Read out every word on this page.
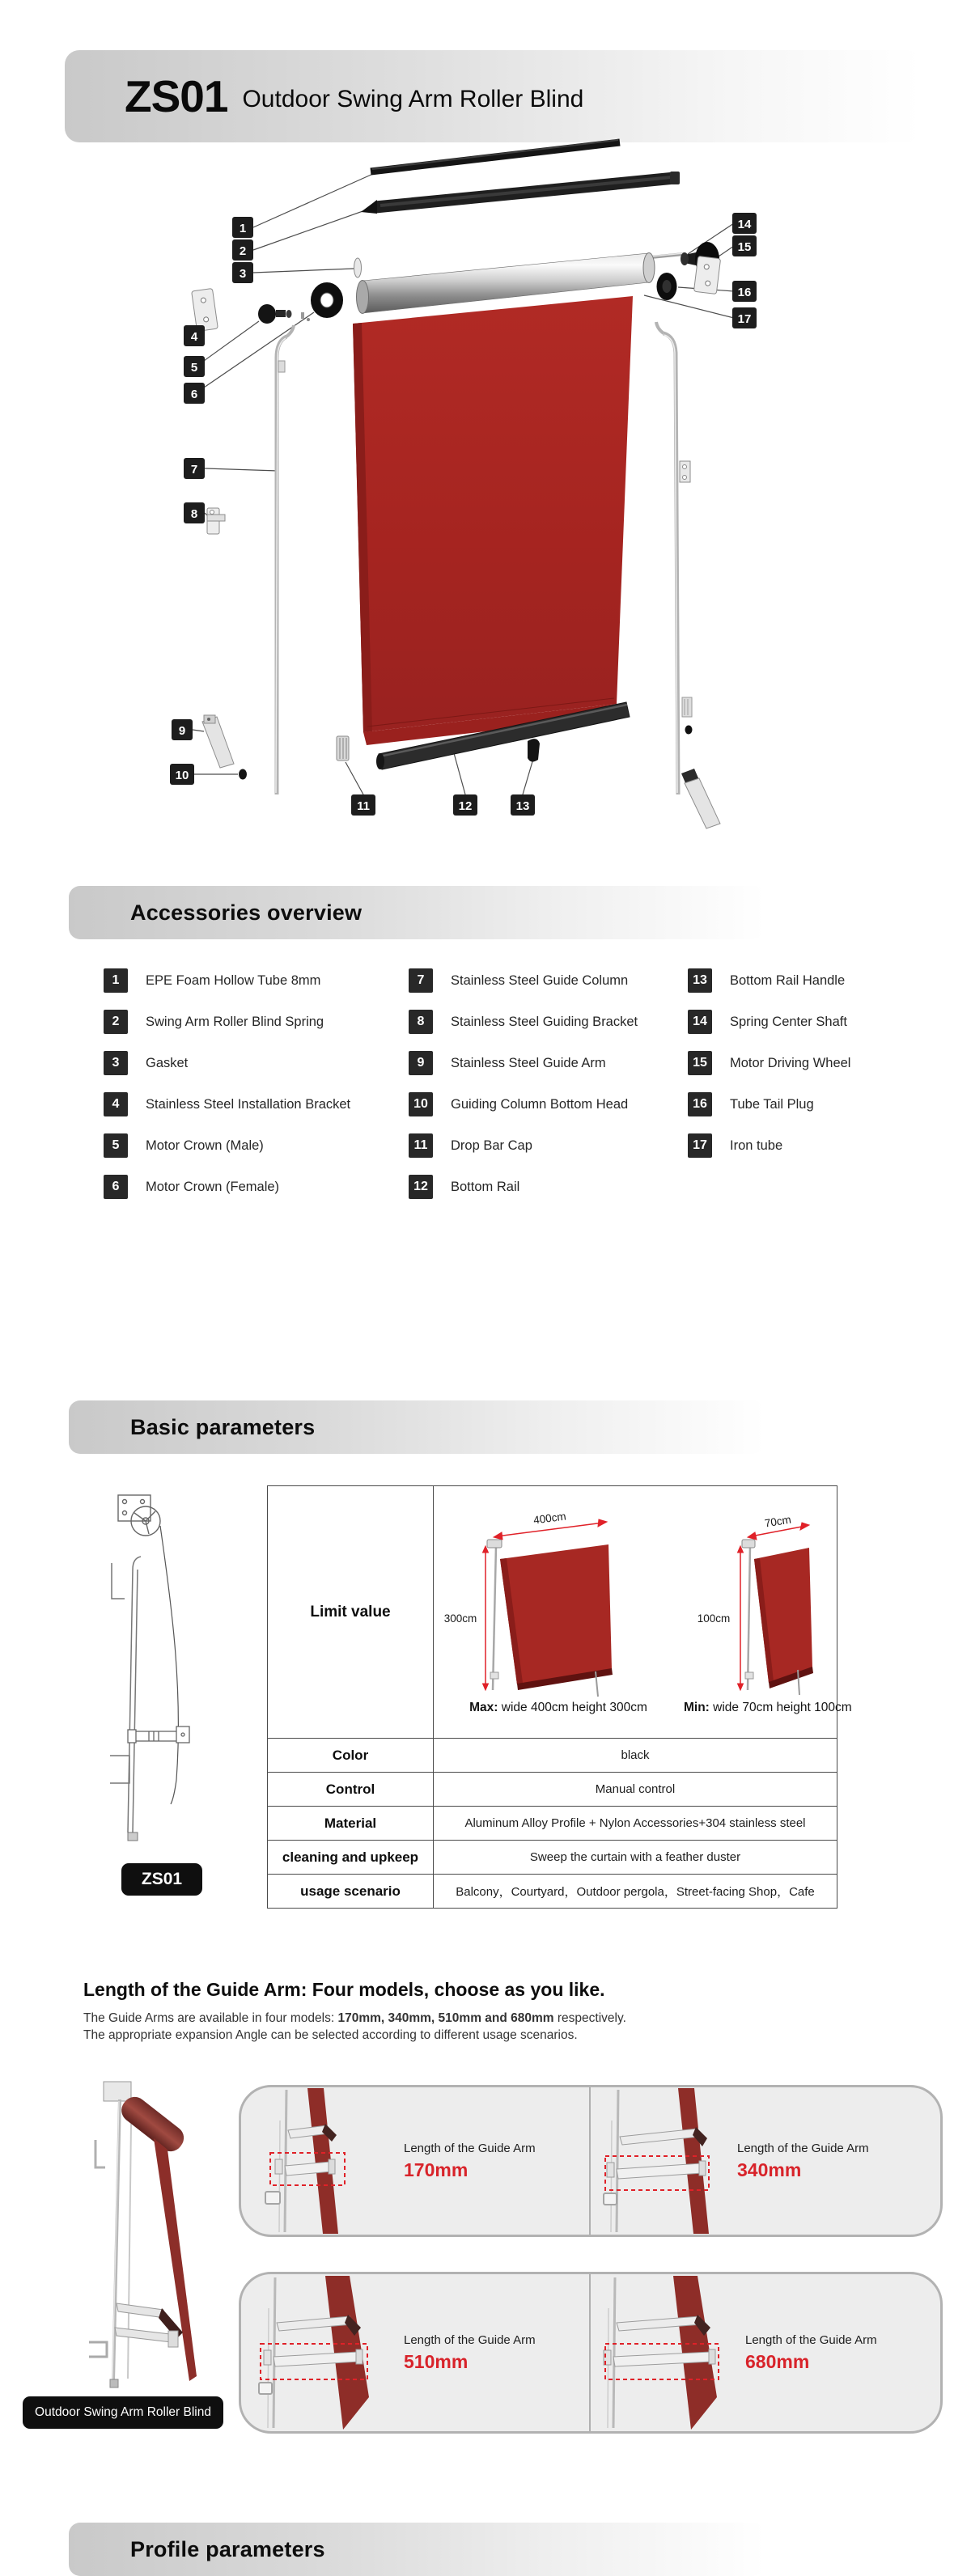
ZS01 Outdoor Swing Arm Roller Blind
1
2
3
4
5
6
7
8
9
10
11	12	13
14
15
16
17
Accessories overview
1	EPE Foam Hollow Tube 8mm
2	Swing Arm Roller Blind Spring
3	Gasket
4	Stainless Steel Installation Bracket
5	Motor Crown (Male)
6	Motor Crown (Female)
7	Stainless Steel Guide Column
8	Stainless Steel Guiding Bracket
9	Stainless Steel Guide Arm
10	Guiding Column Bottom Head
11	Drop Bar Cap
12	Bottom Rail
13	Bottom Rail Handle
14	Spring Center Shaft
15	Motor Driving Wheel
16	Tube Tail Plug
17	Iron tube
Basic parameters
ZS01
Limit value	300cm
400cm
100cm
70cm
Max: wide 400cm height 300cm	Min: wide 70cm height 100cm
Color	black
Control	Manual control
Material	Aluminum Alloy Profile + Nylon Accessories+304 stainless steel
cleaning and upkeep	Sweep the curtain with a feather duster
usage scenario	Balcony，Courtyard，Outdoor pergola，Street-facing Shop，Cafe
Length of the Guide Arm: Four models, choose as you like.
The Guide Arms are available in four models: 170mm, 340mm, 510mm and 680mm respectively.
The appropriate expansion Angle can be selected according to different usage scenarios.
Outdoor Swing Arm Roller Blind
Length of the Guide Arm
170mm
Length of the Guide Arm
340mm
Length of the Guide Arm
510mm
Length of the Guide Arm
680mm
Profile parameters
